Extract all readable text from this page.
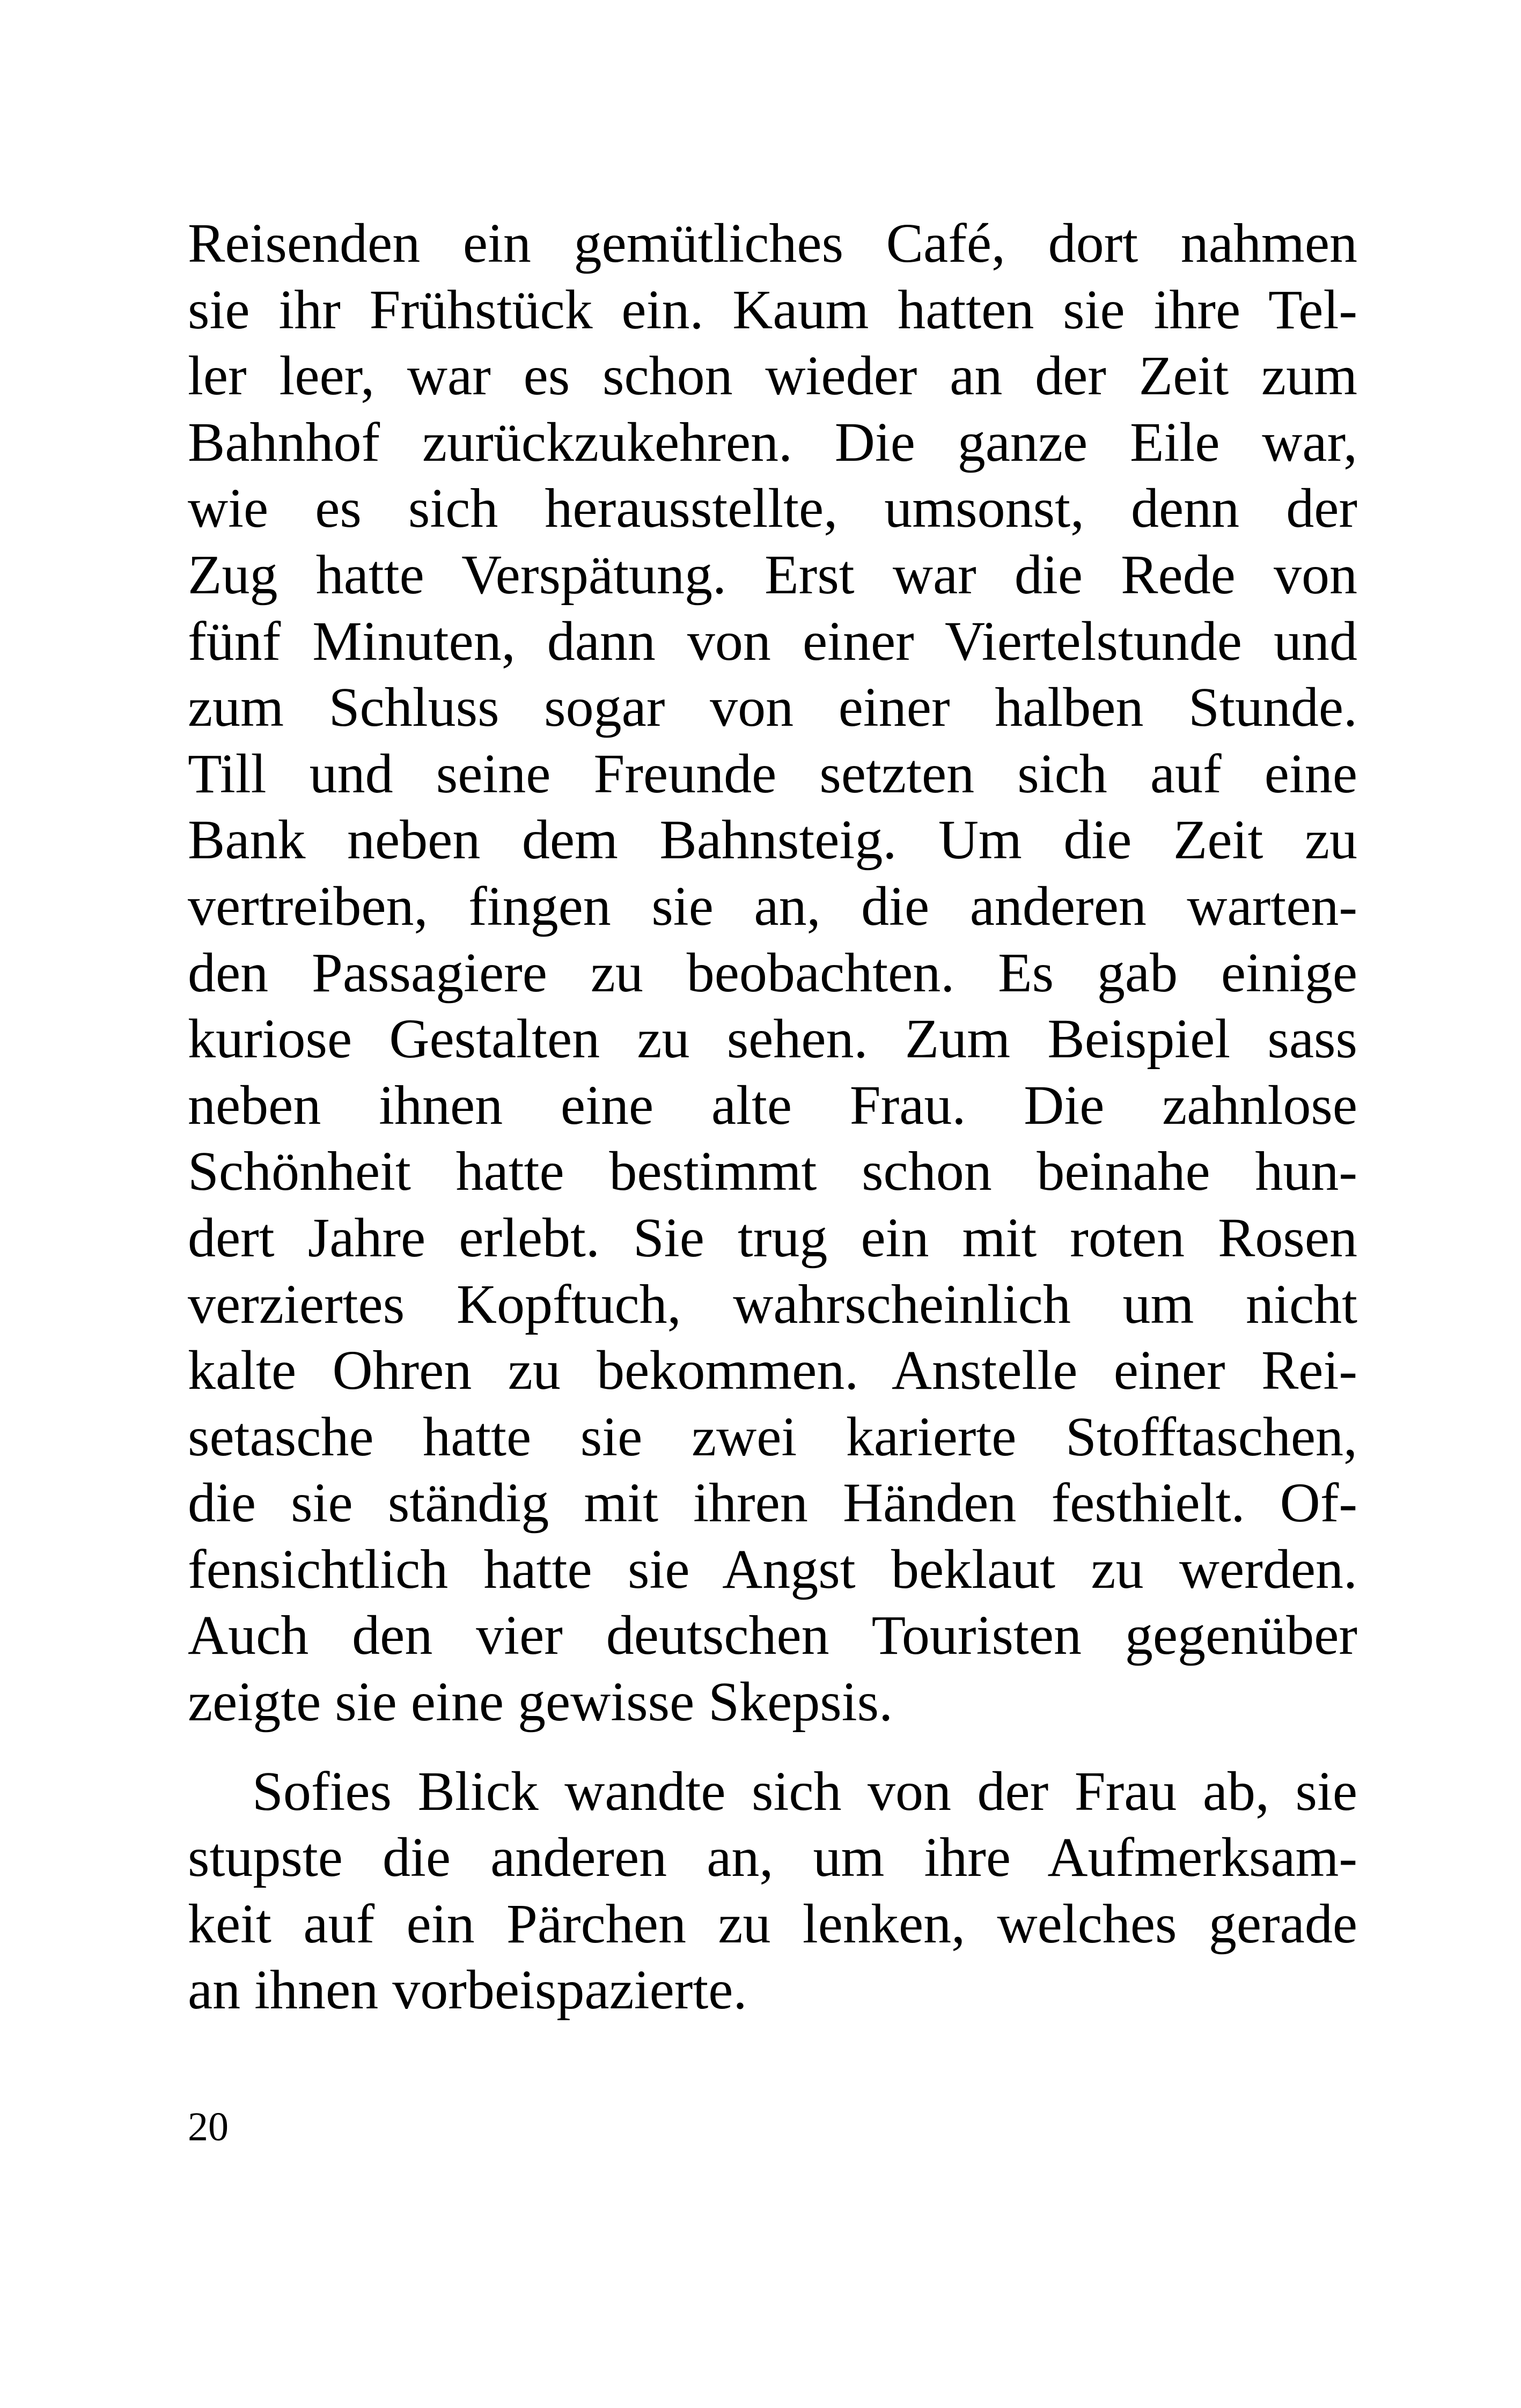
Reisenden ein gemütliches Café, dort nahmen
sie ihr Frühstück ein. Kaum hatten sie ihre Tel-
ler leer, war es schon wieder an der Zeit zum
Bahnhof zurückzukehren. Die ganze Eile war,
wie es sich herausstellte, umsonst, denn der
Zug hatte Verspätung. Erst war die Rede von
fünf Minuten, dann von einer Viertelstunde und
zum Schluss sogar von einer halben Stunde.
Till und seine Freunde setzten sich auf eine
Bank neben dem Bahnsteig. Um die Zeit zu
vertreiben, fingen sie an, die anderen warten-
den Passagiere zu beobachten. Es gab einige
kuriose Gestalten zu sehen. Zum Beispiel sass
neben ihnen eine alte Frau. Die zahnlose
Schönheit hatte bestimmt schon beinahe hun-
dert Jahre erlebt. Sie trug ein mit roten Rosen
verziertes Kopftuch, wahrscheinlich um nicht
kalte Ohren zu bekommen. Anstelle einer Rei-
setasche hatte sie zwei karierte Stofftaschen,
die sie ständig mit ihren Händen festhielt. Of-
fensichtlich hatte sie Angst beklaut zu werden.
Auch den vier deutschen Touristen gegenüber
zeigte sie eine gewisse Skepsis.
Sofies Blick wandte sich von der Frau ab, sie
stupste die anderen an, um ihre Aufmerksam-
keit auf ein Pärchen zu lenken, welches gerade
an ihnen vorbeispazierte.
20
